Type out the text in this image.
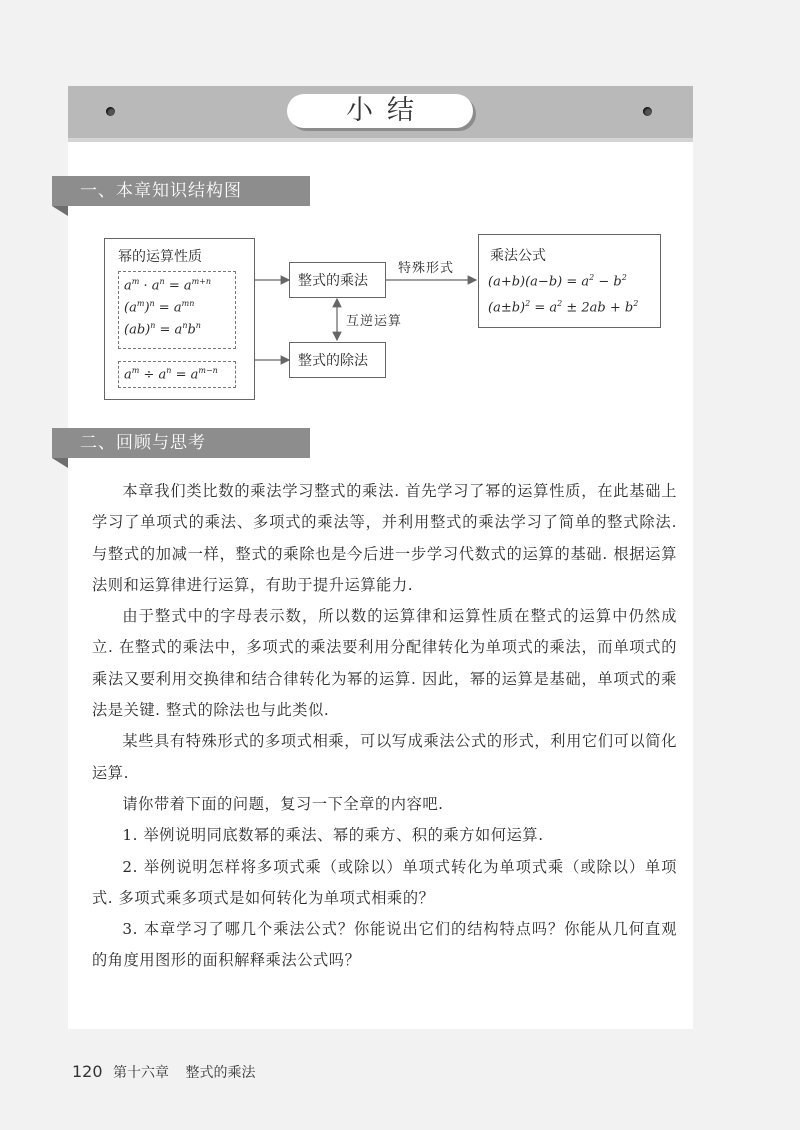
小结
一、本章知识结构图
幂的运算性质
$a^m \cdot a^n = a^{m+n}$
$(a^m)^n = a^{mn}$
$(ab)^n = a^nb^n$
$a^m \div a^n = a^{m-n}$
整式的乘法
整式的除法
特殊形式
互逆运算
乘法公式
$(a+b)(a-b) = a^2 - b^2$
$(a\pm b)^2 = a^2 \pm 2ab + b^2$
二、回顾与思考

本章我们类比数的乘法学习整式的乘法. 首先学习了幂的运算性质，在此基础上学习了单项式的乘法、多项式的乘法等，并利用整式的乘法学习了简单的整式除法. 与整式的加减一样，整式的乘除也是今后进一步学习代数式的运算的基础. 根据运算法则和运算律进行运算，有助于提升运算能力.

由于整式中的字母表示数，所以数的运算律和运算性质在整式的运算中仍然成立. 在整式的乘法中，多项式的乘法要利用分配律转化为单项式的乘法，而单项式的乘法又要利用交换律和结合律转化为幂的运算. 因此，幂的运算是基础，单项式的乘法是关键. 整式的除法也与此类似.

某些具有特殊形式的多项式相乘，可以写成乘法公式的形式，利用它们可以简化运算.

请你带着下面的问题，复习一下全章的内容吧.

1. 举例说明同底数幂的乘法、幂的乘方、积的乘方如何运算.

2. 举例说明怎样将多项式乘（或除以）单项式转化为单项式乘（或除以）单项式. 多项式乘多项式是如何转化为单项式相乘的？

3. 本章学习了哪几个乘法公式？你能说出它们的结构特点吗？你能从几何直观的角度用图形的面积解释乘法公式吗？

120 第十六章 整式的乘法
